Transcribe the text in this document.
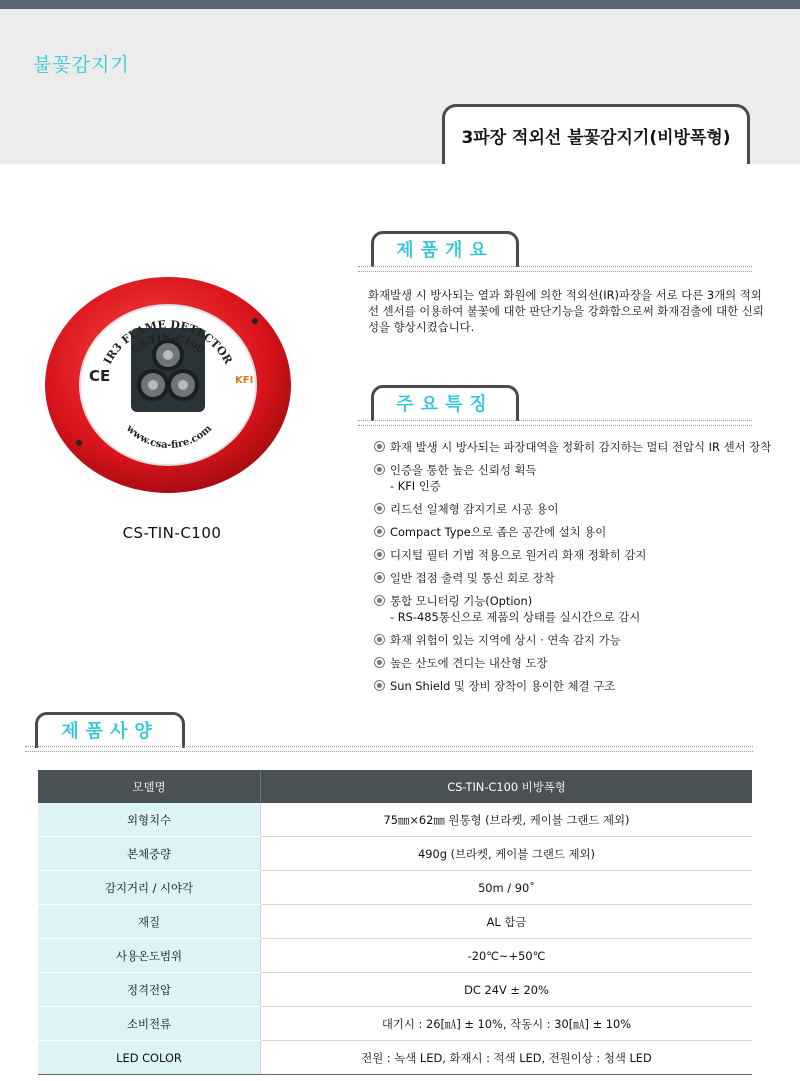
불꽃감지기
3파장 적외선 불꽃감지기(비방폭형)
IR3 FLAME DETECTOR
CS-TIN-C100
www.csa-fire.com
CE	KFI
CS-TIN-C100
제품개요
화재발생 시 방사되는 열과 화원에 의한 적외선(IR)파장을 서로 다른 3개의 적외선 센서를 이용하여 불꽃에 대한 판단기능을 강화함으로써 화재검출에 대한 신뢰성을 향상시켰습니다.
주요특징
화재 발생 시 방사되는 파장대역을 정확히 감지하는 멀티 전압식 IR 센서 장착
인증을 통한 높은 신뢰성 획득
- KFI 인증
리드선 일체형 감지기로 시공 용이
Compact Type으로 좁은 공간에 설치 용이
디지털 필터 기법 적용으로 원거리 화재 정확히 감지
일반 접점 출력 및 통신 회로 장착
통합 모니터링 기능(Option)
- RS-485통신으로 제품의 상태를 실시간으로 감시
화재 위험이 있는 지역에 상시 · 연속 감지 가능
높은 산도에 견디는 내산형 도장
Sun Shield 및 장비 장착이 용이한 체결 구조
제품사양
모델명	CS-TIN-C100 비방폭형
외형치수	75㎜×62㎜ 원통형 (브라켓, 케이블 그랜드 제외)
본체중량	490g (브라켓, 케이블 그랜드 제외)
감지거리 / 시야각	50m / 90˚
재질	AL 합금
사용온도범위	-20℃~+50℃
정격전압	DC 24V ± 20%
소비전류	대기시 : 26[㎃] ± 10%, 작동시 : 30[㎃] ± 10%
LED COLOR	전원 : 녹색 LED, 화재시 : 적색 LED, 전원이상 : 청색 LED
